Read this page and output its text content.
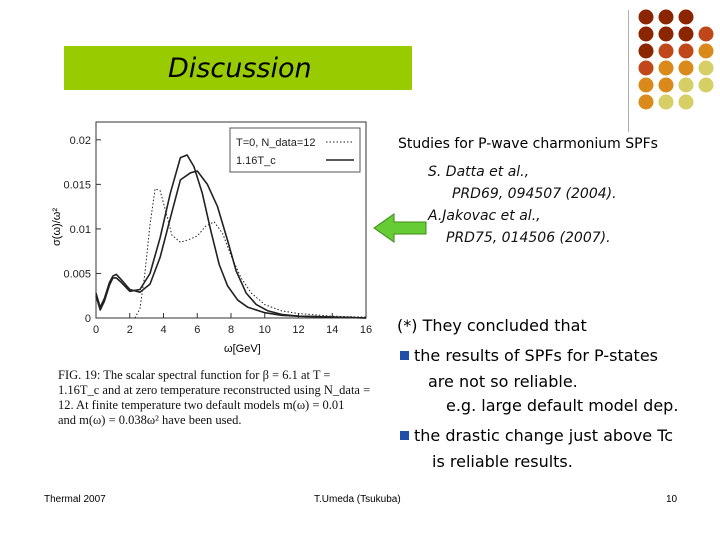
Discussion
0
0.005
0.01
0.015
0.02
0	2	4	6	8 10 12 14 16
T=0, N_data=12
1.16T_c
ω[GeV]
σ(ω)/ω²
FIG. 19: The scalar spectral function for β = 6.1 at T =
1.16T_c and at zero temperature reconstructed using N_data =
12. At finite temperature two default models m(ω) = 0.01
and m(ω) = 0.038ω² have been used.
Studies for P-wave charmonium SPFs
S. Datta et al.,
PRD69, 094507 (2004).
A.Jakovac et al.,
PRD75, 014506 (2007).
(*) They concluded that
the results of SPFs for P-states
are not so reliable.
e.g. large default model dep.
the drastic change just above Tc
is reliable results.
Thermal 2007	T.Umeda (Tsukuba)	10
